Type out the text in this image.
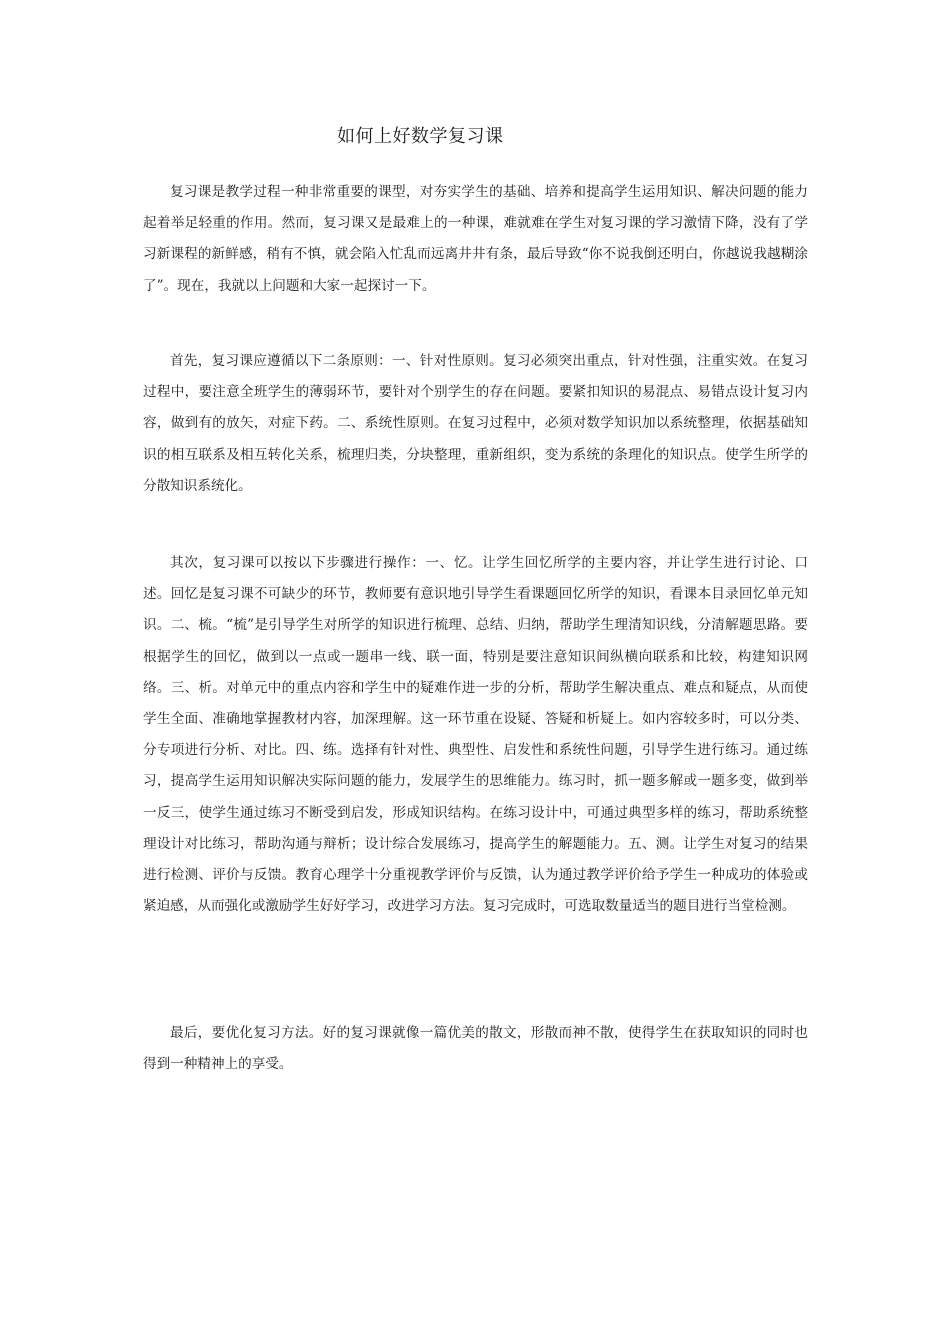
如何上好数学复习课

复习课是教学过程一种非常重要的课型，对夯实学生的基础、培养和提高学生运用知识、解决问题的能力起着举足轻重的作用。然而，复习课又是最难上的一种课，难就难在学生对复习课的学习激情下降，没有了学习新课程的新鲜感，稍有不慎，就会陷入忙乱而远离井井有条，最后导致“你不说我倒还明白，你越说我越糊涂了”。现在，我就以上问题和大家一起探讨一下。

首先，复习课应遵循以下二条原则：一、针对性原则。复习必须突出重点，针对性强，注重实效。在复习过程中，要注意全班学生的薄弱环节，要针对个别学生的存在问题。要紧扣知识的易混点、易错点设计复习内容，做到有的放矢，对症下药。二、系统性原则。在复习过程中，必须对数学知识加以系统整理，依据基础知识的相互联系及相互转化关系，梳理归类，分块整理，重新组织，变为系统的条理化的知识点。使学生所学的分散知识系统化。

其次，复习课可以按以下步骤进行操作：一、忆。让学生回忆所学的主要内容，并让学生进行讨论、口述。回忆是复习课不可缺少的环节，教师要有意识地引导学生看课题回忆所学的知识，看课本目录回忆单元知识。二、梳。“梳”是引导学生对所学的知识进行梳理、总结、归纳，帮助学生理清知识线，分清解题思路。要根据学生的回忆，做到以一点或一题串一线、联一面，特别是要注意知识间纵横向联系和比较，构建知识网络。三、析。对单元中的重点内容和学生中的疑难作进一步的分析，帮助学生解决重点、难点和疑点，从而使学生全面、准确地掌握教材内容，加深理解。这一环节重在设疑、答疑和析疑上。如内容较多时，可以分类、分专项进行分析、对比。四、练。选择有针对性、典型性、启发性和系统性问题，引导学生进行练习。通过练习，提高学生运用知识解决实际问题的能力，发展学生的思维能力。练习时，抓一题多解或一题多变，做到举一反三，使学生通过练习不断受到启发，形成知识结构。在练习设计中，可通过典型多样的练习，帮助系统整理设计对比练习，帮助沟通与辩析；设计综合发展练习，提高学生的解题能力。五、测。让学生对复习的结果进行检测、评价与反馈。教育心理学十分重视教学评价与反馈，认为通过教学评价给予学生一种成功的体验或紧迫感，从而强化或激励学生好好学习，改进学习方法。复习完成时，可选取数量适当的题目进行当堂检测。

最后，要优化复习方法。好的复习课就像一篇优美的散文，形散而神不散，使得学生在获取知识的同时也得到一种精神上的享受。
